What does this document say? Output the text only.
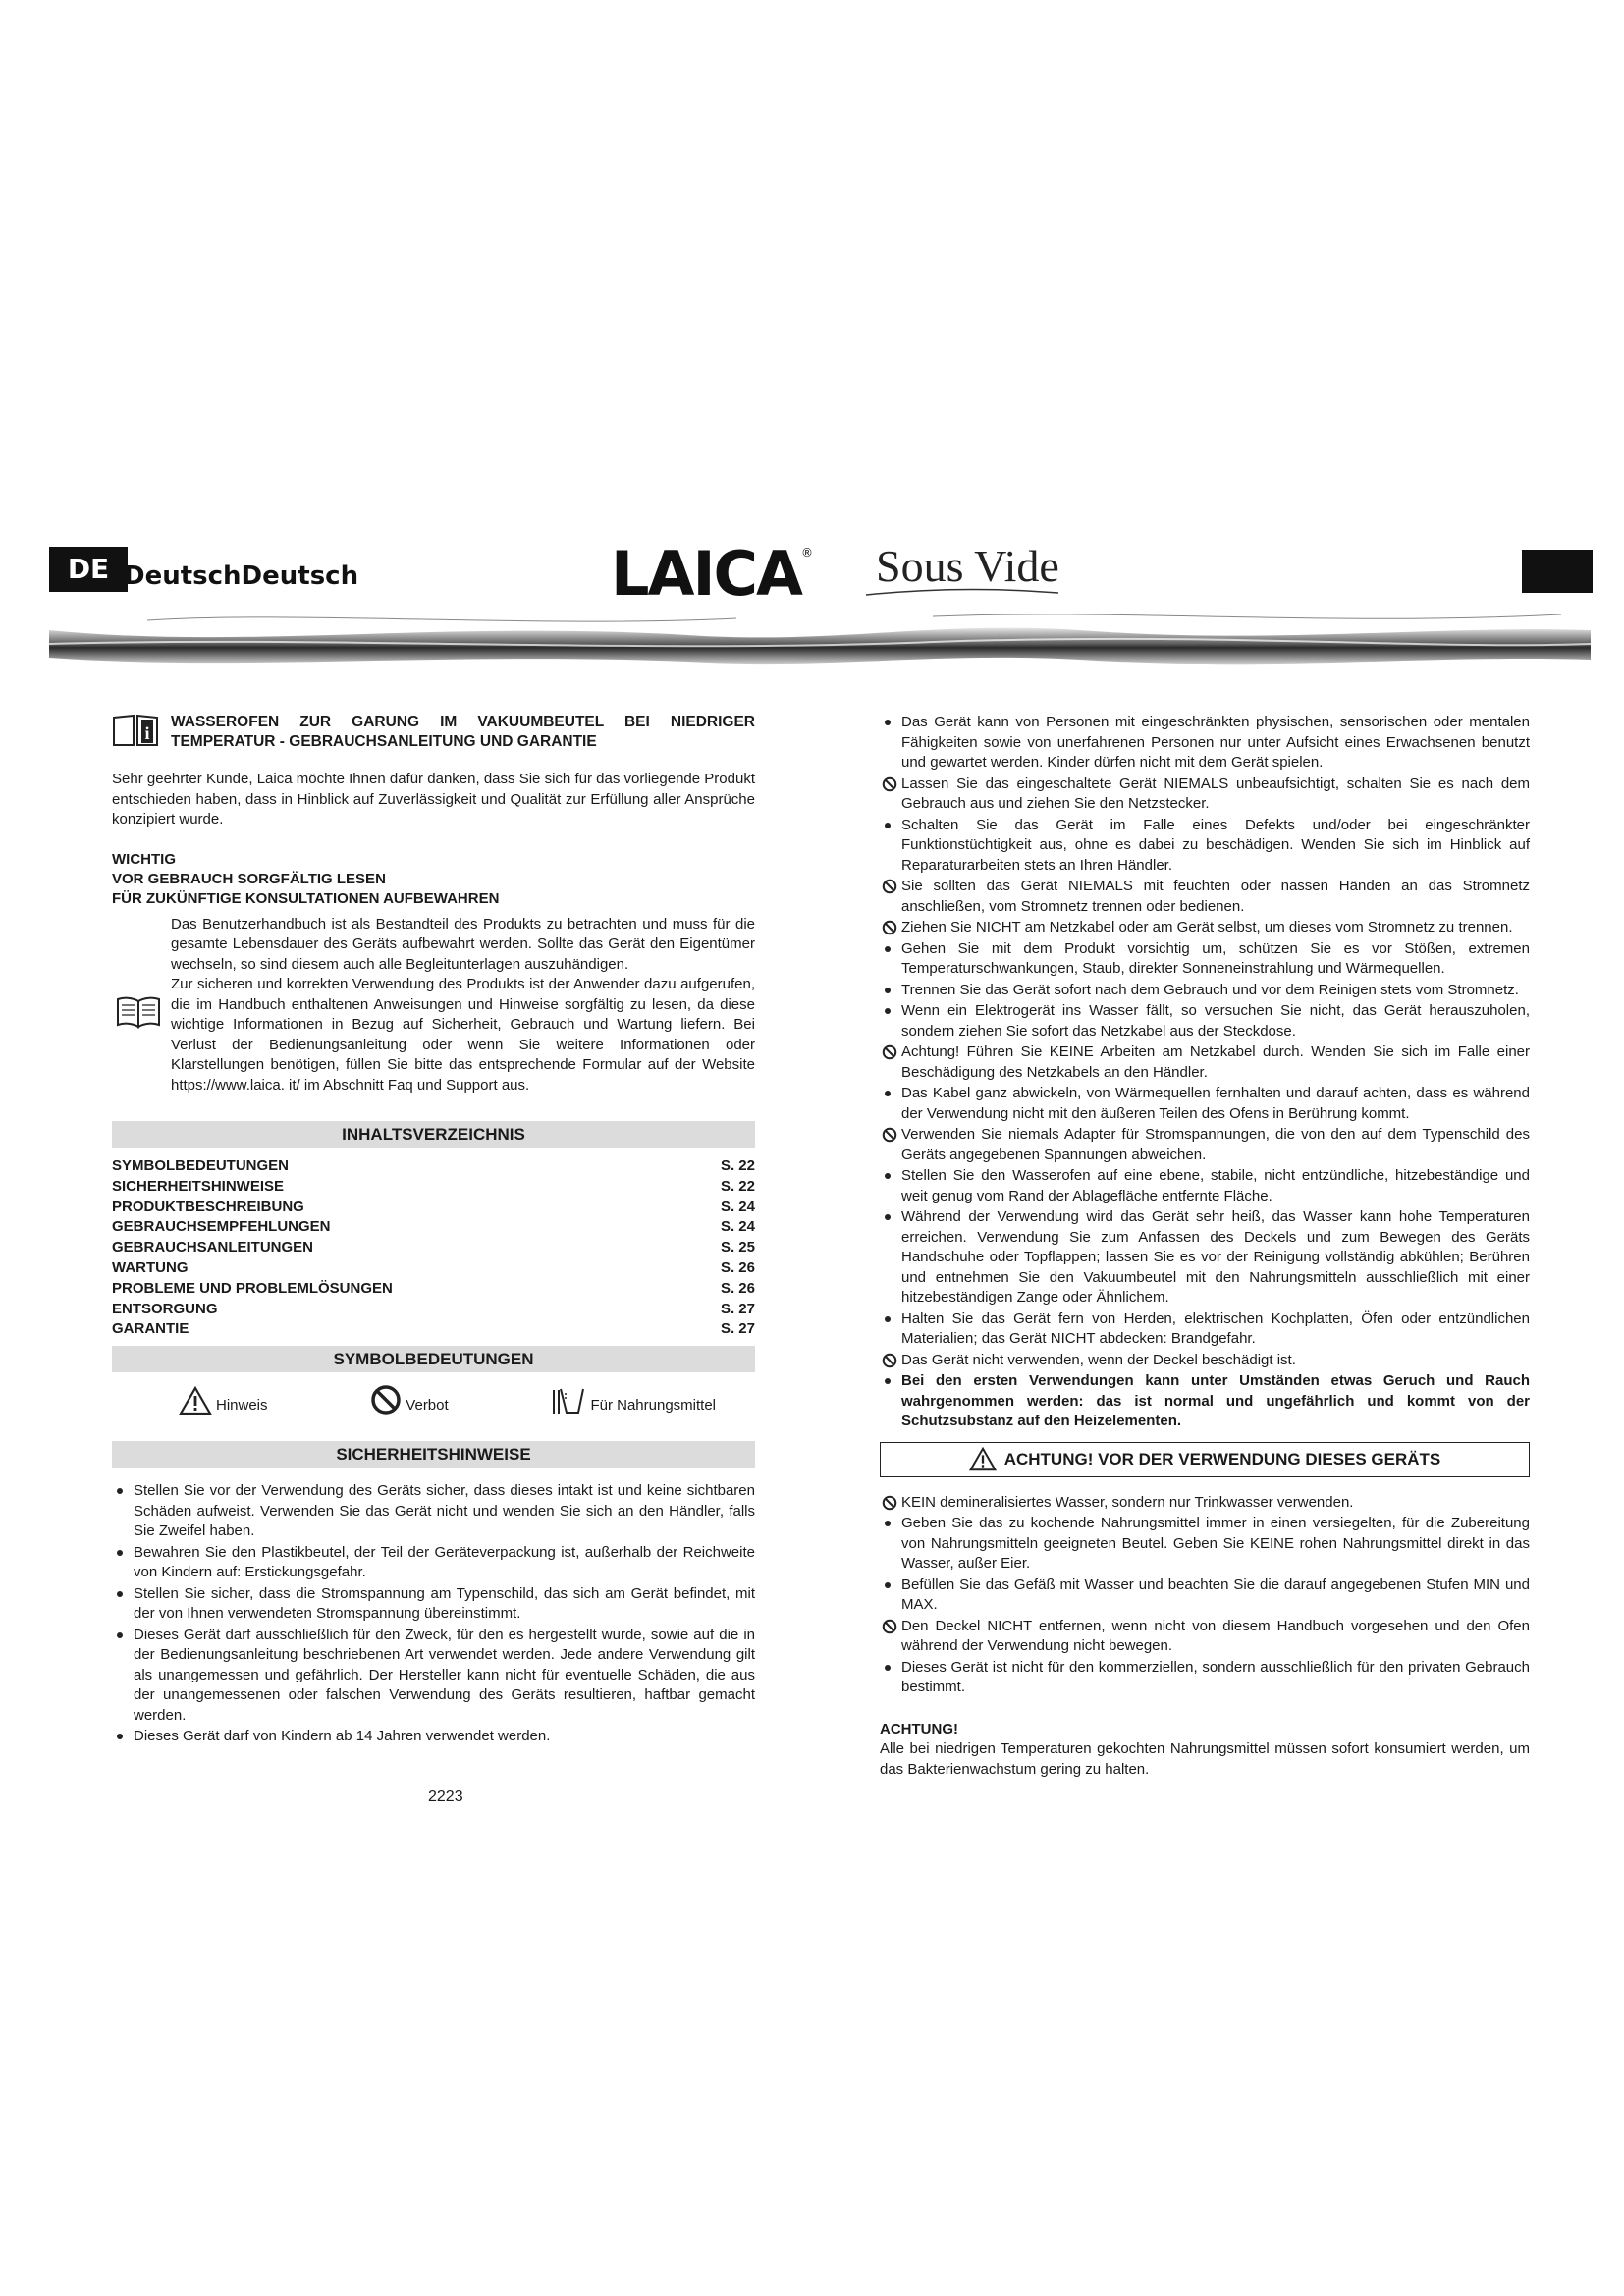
DE DeutschDeutsch	LAICA® Sous Vide
i
WASSEROFEN ZUR GARUNG IM VAKUUMBEUTEL BEI NIEDRIGER TEMPERATUR - GEBRAUCHSANLEITUNG UND GARANTIE

Sehr geehrter Kunde, Laica möchte Ihnen dafür danken, dass Sie sich für das vorliegende Produkt entschieden haben, dass in Hinblick auf Zuverlässigkeit und Qualität zur Erfüllung aller Ansprüche konzipiert wurde.

WICHTIG
VOR GEBRAUCH SORGFÄLTIG LESEN
FÜR ZUKÜNFTIGE KONSULTATIONEN AUFBEWAHREN

Das Benutzerhandbuch ist als Bestandteil des Produkts zu betrachten und muss für die gesamte Lebensdauer des Geräts aufbewahrt werden. Sollte das Gerät den Eigentümer wechseln, so sind diesem auch alle Begleitunterlagen auszuhändigen.

Zur sicheren und korrekten Verwendung des Produkts ist der Anwender dazu aufgerufen, die im Handbuch enthaltenen Anweisungen und Hinweise sorgfältig zu lesen, da diese wichtige Informationen in Bezug auf Sicherheit, Gebrauch und Wartung liefern. Bei Verlust der Bedienungsanleitung oder wenn Sie weitere Informationen oder Klarstellungen benötigen, füllen Sie bitte das entsprechende Formular auf der Website https://www.laica. it/ im Abschnitt Faq und Support aus.

INHALTSVERZEICHNIS
SYMBOLBEDEUTUNGEN	S. 22
SICHERHEITSHINWEISE	S. 22
PRODUKTBESCHREIBUNG	S. 24
GEBRAUCHSEMPFEHLUNGEN	S. 24
GEBRAUCHSANLEITUNGEN	S. 25
WARTUNG	S. 26
PROBLEME UND PROBLEMLÖSUNGEN	S. 26
ENTSORGUNG	S. 27
GARANTIE	S. 27
SYMBOLBEDEUTUNGEN
Hinweis	Verbot	Für Nahrungsmittel
SICHERHEITSHINWEISE
Stellen Sie vor der Verwendung des Geräts sicher, dass dieses intakt ist und keine sichtbaren Schäden aufweist. Verwenden Sie das Gerät nicht und wenden Sie sich an den Händler, falls Sie Zweifel haben.
Bewahren Sie den Plastikbeutel, der Teil der Geräteverpackung ist, außerhalb der Reichweite von Kindern auf: Erstickungsgefahr.
Stellen Sie sicher, dass die Stromspannung am Typenschild, das sich am Gerät befindet, mit der von Ihnen verwendeten Stromspannung übereinstimmt.
Dieses Gerät darf ausschließlich für den Zweck, für den es hergestellt wurde, sowie auf die in der Bedienungsanleitung beschriebenen Art verwendet werden. Jede andere Verwendung gilt als unangemessen und gefährlich. Der Hersteller kann nicht für eventuelle Schäden, die aus der unangemessenen oder falschen Verwendung des Geräts resultieren, haftbar gemacht werden.
Dieses Gerät darf von Kindern ab 14 Jahren verwendet werden.
Das Gerät kann von Personen mit eingeschränkten physischen, sensorischen oder mentalen Fähigkeiten sowie von unerfahrenen Personen nur unter Aufsicht eines Erwachsenen benutzt und gewartet werden. Kinder dürfen nicht mit dem Gerät spielen.
Lassen Sie das eingeschaltete Gerät NIEMALS unbeaufsichtigt, schalten Sie es nach dem Gebrauch aus und ziehen Sie den Netzstecker.
Schalten Sie das Gerät im Falle eines Defekts und/oder bei eingeschränkter Funktionstüchtigkeit aus, ohne es dabei zu beschädigen. Wenden Sie sich im Hinblick auf Reparaturarbeiten stets an Ihren Händler.
Sie sollten das Gerät NIEMALS mit feuchten oder nassen Händen an das Stromnetz anschließen, vom Stromnetz trennen oder bedienen.
Ziehen Sie NICHT am Netzkabel oder am Gerät selbst, um dieses vom Stromnetz zu trennen.
Gehen Sie mit dem Produkt vorsichtig um, schützen Sie es vor Stößen, extremen Temperaturschwankungen, Staub, direkter Sonneneinstrahlung und Wärmequellen.
Trennen Sie das Gerät sofort nach dem Gebrauch und vor dem Reinigen stets vom Stromnetz.
Wenn ein Elektrogerät ins Wasser fällt, so versuchen Sie nicht, das Gerät herauszuholen, sondern ziehen Sie sofort das Netzkabel aus der Steckdose.
Achtung! Führen Sie KEINE Arbeiten am Netzkabel durch. Wenden Sie sich im Falle einer Beschädigung des Netzkabels an den Händler.
Das Kabel ganz abwickeln, von Wärmequellen fernhalten und darauf achten, dass es während der Verwendung nicht mit den äußeren Teilen des Ofens in Berührung kommt.
Verwenden Sie niemals Adapter für Stromspannungen, die von den auf dem Typenschild des Geräts angegebenen Spannungen abweichen.
Stellen Sie den Wasserofen auf eine ebene, stabile, nicht entzündliche, hitzebeständige und weit genug vom Rand der Ablagefläche entfernte Fläche.
Während der Verwendung wird das Gerät sehr heiß, das Wasser kann hohe Temperaturen erreichen. Verwendung Sie zum Anfassen des Deckels und zum Bewegen des Geräts Handschuhe oder Topflappen; lassen Sie es vor der Reinigung vollständig abkühlen; Berühren und entnehmen Sie den Vakuumbeutel mit den Nahrungsmitteln ausschließlich mit einer hitzebeständigen Zange oder Ähnlichem.
Halten Sie das Gerät fern von Herden, elektrischen Kochplatten, Öfen oder entzündlichen Materialien; das Gerät NICHT abdecken: Brandgefahr.
Das Gerät nicht verwenden, wenn der Deckel beschädigt ist.
Bei den ersten Verwendungen kann unter Umständen etwas Geruch und Rauch wahrgenommen werden: das ist normal und ungefährlich und kommt von der Schutzsubstanz auf den Heizelementen.
ACHTUNG! VOR DER VERWENDUNG DIESES GERÄTS
KEIN demineralisiertes Wasser, sondern nur Trinkwasser verwenden.
Geben Sie das zu kochende Nahrungsmittel immer in einen versiegelten, für die Zubereitung von Nahrungsmitteln geeigneten Beutel. Geben Sie KEINE rohen Nahrungsmittel direkt in das Wasser, außer Eier.
Befüllen Sie das Gefäß mit Wasser und beachten Sie die darauf angegebenen Stufen MIN und MAX.
Den Deckel NICHT entfernen, wenn nicht von diesem Handbuch vorgesehen und den Ofen während der Verwendung nicht bewegen.
Dieses Gerät ist nicht für den kommerziellen, sondern ausschließlich für den privaten Gebrauch bestimmt.
ACHTUNG!

Alle bei niedrigen Temperaturen gekochten Nahrungsmittel müssen sofort konsumiert werden, um das Bakterienwachstum gering zu halten.

2223
